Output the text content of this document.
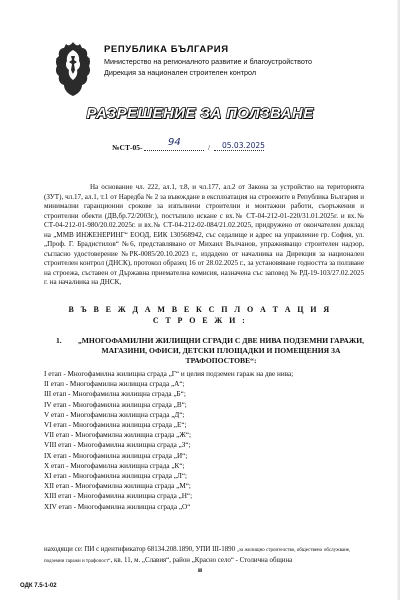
РЕПУБЛИКА БЪЛГАРИЯ
Министерство на регионалното развитие и благоустройството
Дирекция за национален строителен контрол
РАЗРЕШЕНИЕ ЗА ПОЛЗВАНЕ
№СТ-05-	94	/ 05.03.2025

На основание чл. 222, ал.1, т.8, и чл.177, ал.2 от Закона за устройство на територията (ЗУТ), чл.17, ал.1, т.1 от Наредба № 2 за въвеждане в експлоатация на строежите в Република България и минимални гаранционни срокове за изпълнени строителни и монтажни работи, съоръжения и строителни обекти (ДВ,бр.72/2003г.), постъпило искане с вх.№ СТ-04-212-01-220/31.01.2025г. и вх.№ СТ-04-212-01-980/20.02.2025г. и вх.№ СТ-04-212-02-084/21.02.2025, придружено от окончателен доклад на „ММВ ИНЖЕНЕРИНГ“ ЕООД, ЕИК 130568942, със седалище и адрес на управление гр. София, ул. „Проф. Г. Брадистилов“ №6, представлявано от Михаил Вълчанов, упражняващо строителен надзор, съгласно удостоверение №РК-0085/20.10.2023 г., издадено от началника на Дирекция за национален строителен контрол (ДНСК), протокол образец 16 от 28.02.2025 г., за установяване годността за ползване на строежа, съставен от Държавна приемателна комисия, назначена със заповед № РД-19-103/27.02.2025 г. на началника на ДНСК,

В Ъ В Е Ж Д А М В Е К С П Л О А Т А Ц И Я
С Т Р О Е Ж И :
1.	„МНОГОФАМИЛНИ ЖИЛИЩНИ СГРАДИ С ДВЕ НИВА ПОДЗЕМНИ ГАРАЖИ, МАГАЗИНИ, ОФИСИ, ДЕТСКИ ПЛОЩАДКИ И ПОМЕЩЕНИЯ ЗА ТРАФОПОСТОВЕ“:
I етап - Многофамилна жилищна сграда „Г“ и целия подземен гараж на две нива;
II етап - Многофамилна жилищна сграда „А“;
III етап - Многофамилна жилищна сграда „Б“;
IV етап - Многофамилна жилищна сграда „В“;
V етап - Многофамилна жилищна сграда „Д“;
VI етап - Многофамилна жилищна сграда „Е“;
VII етап - Многофамилна жилищна сграда „Ж“;
VIII етап - Многофамилна жилищна сграда „З“;
IX етап - Многофамилна жилищна сграда „И“;
X етап - Многофамилна жилищна сграда „К“;
XI етап - Многофамилна жилищна сграда „Л“;
XII етап - Многофамилна жилищна сграда „М“;
XIII етап - Многофамилна жилищна сграда „Н“;
XIV етап - Многофамилна жилищна сграда „О“
находящи се: ПИ с идентификатор 68134.208.1890, УПИ III-1890 „за жилищно строителство, обществено обслужване, подземни гаражи и трафопост“, кв. 11, м. „Славия“, район „Красно село“ - Столична община
и
ОДК 7.5-1-02
